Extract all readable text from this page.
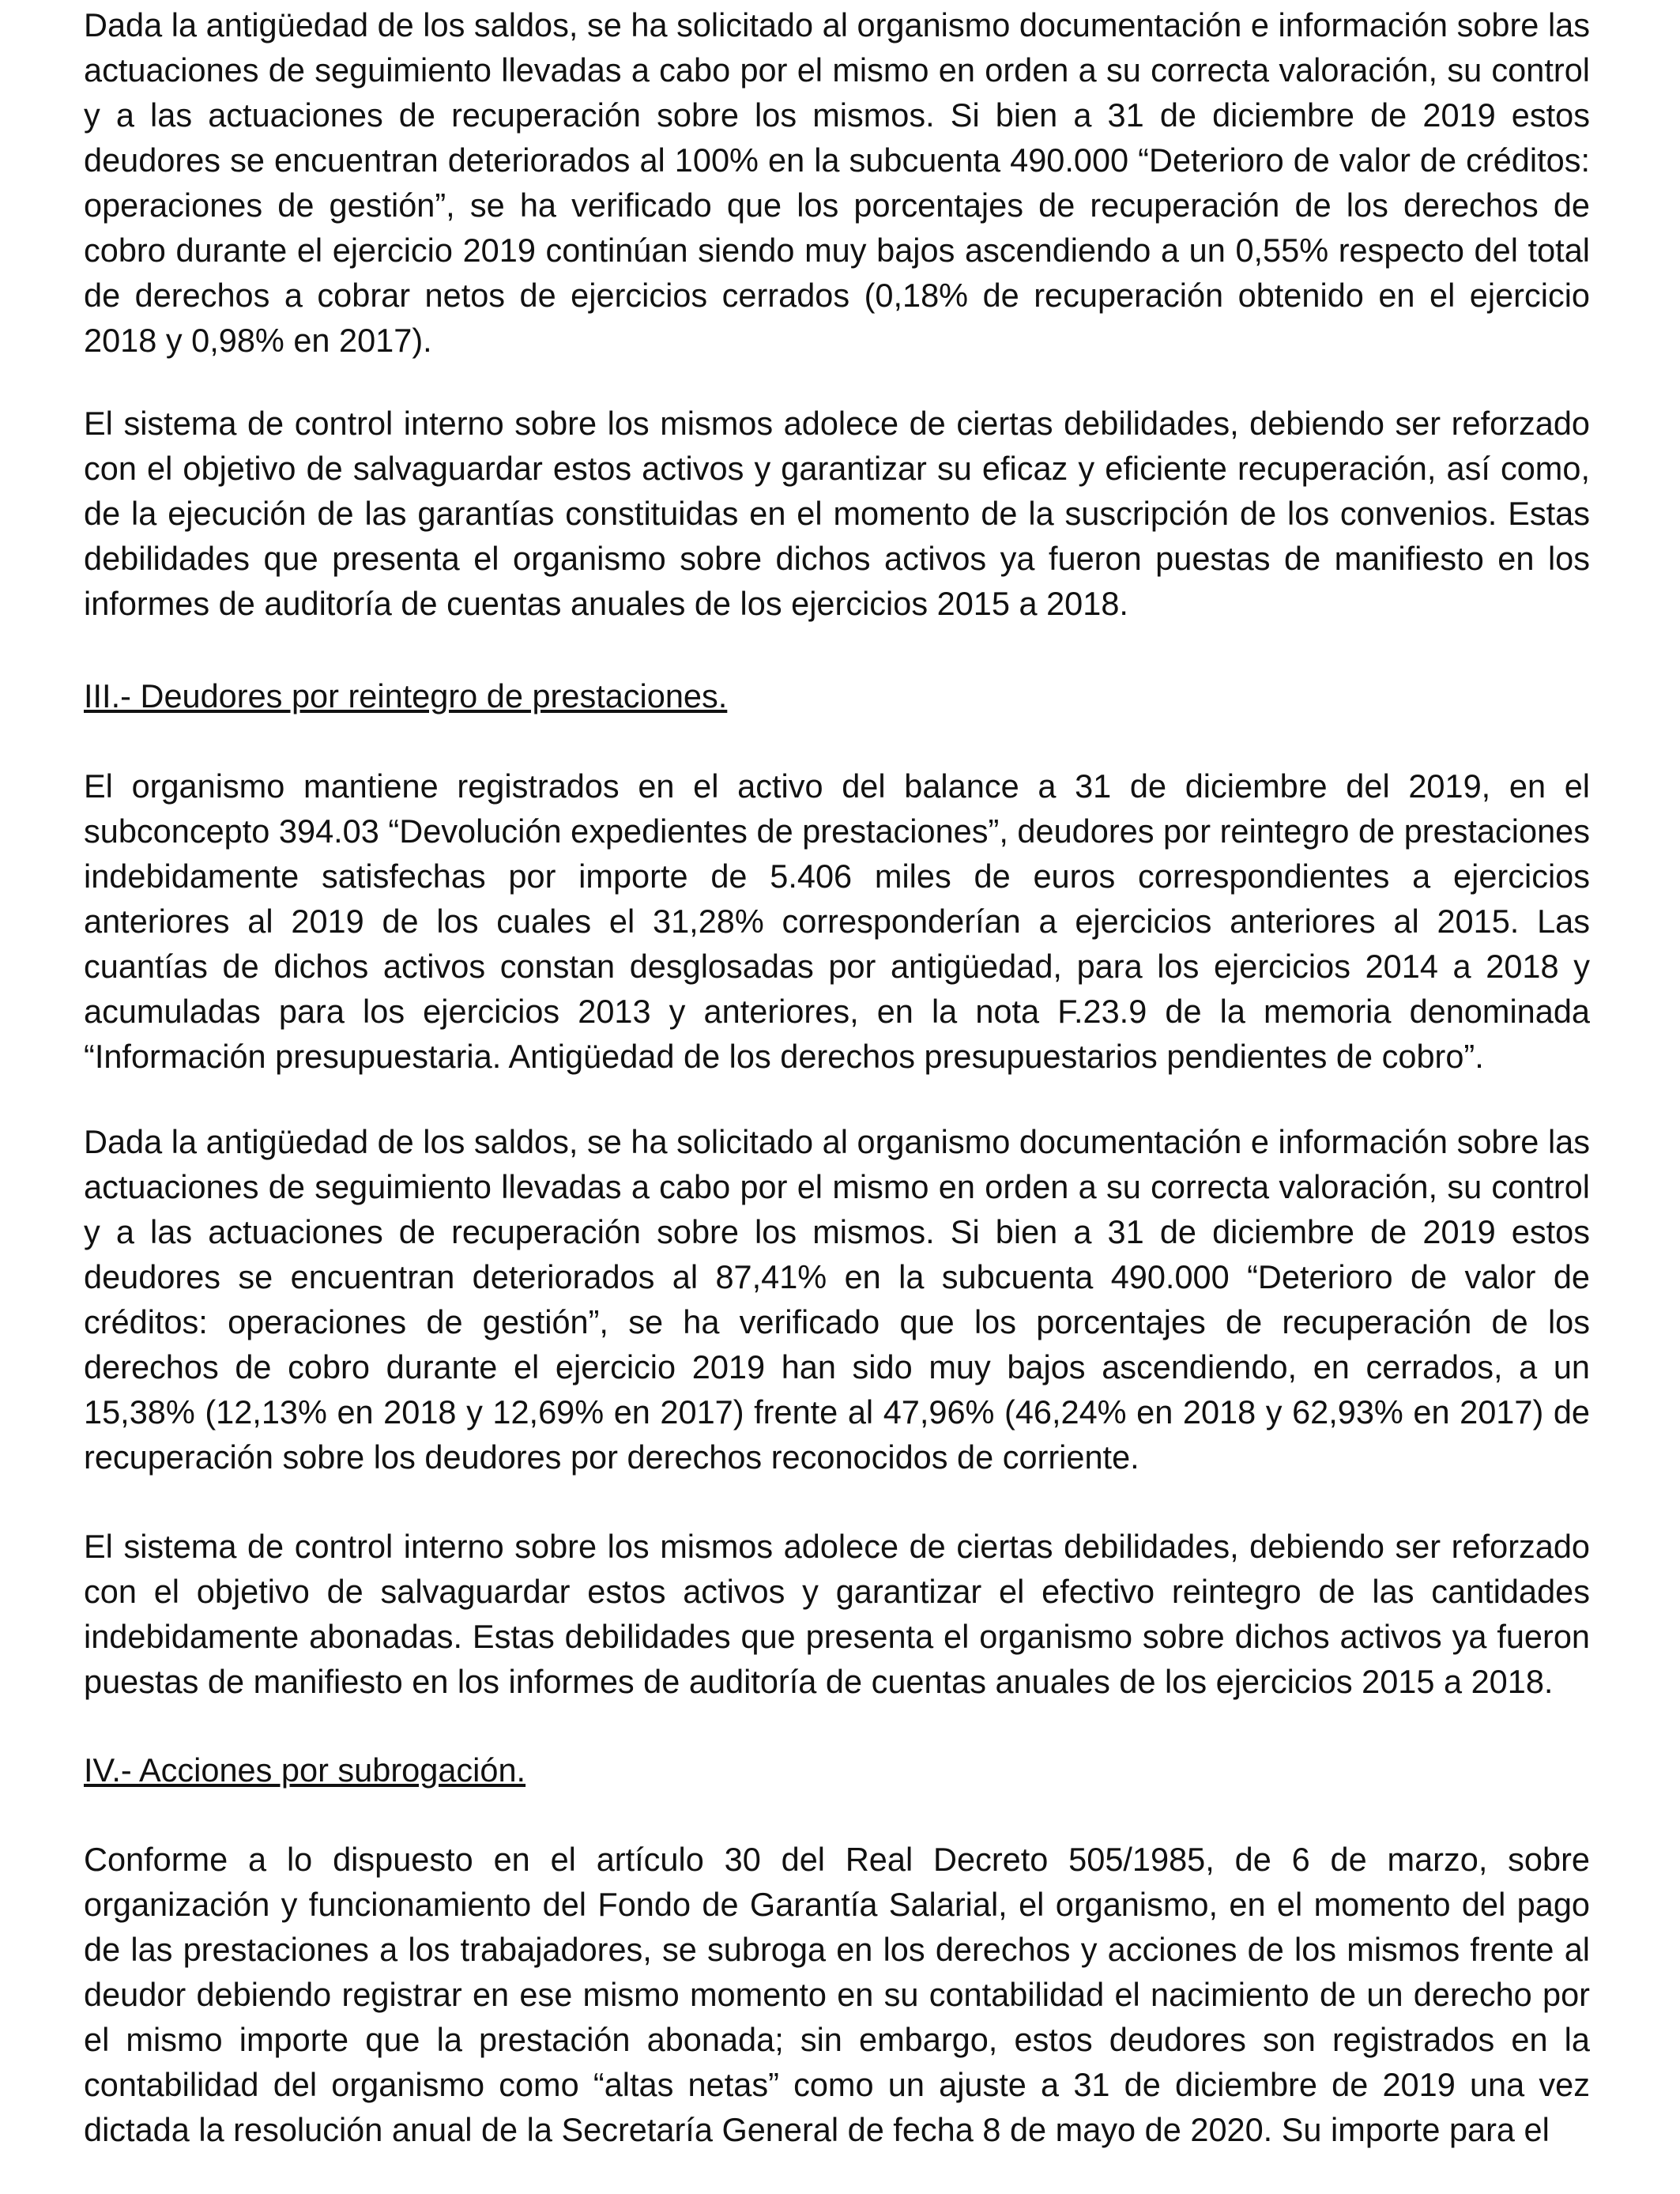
Dada la antigüedad de los saldos, se ha solicitado al organismo documentación e información sobre las actuaciones de seguimiento llevadas a cabo por el mismo en orden a su correcta valoración, su control y a las actuaciones de recuperación sobre los mismos. Si bien a 31 de diciembre de 2019 estos deudores se encuentran deteriorados al 100% en la subcuenta 490.000 “Deterioro de valor de créditos: operaciones de gestión”, se ha verificado que los porcentajes de recuperación de los derechos de cobro durante el ejercicio 2019 continúan siendo muy bajos ascendiendo a un 0,55% respecto del total de derechos a cobrar netos de ejercicios cerrados (0,18% de recuperación obtenido en el ejercicio 2018 y 0,98% en 2017).

El sistema de control interno sobre los mismos adolece de ciertas debilidades, debiendo ser reforzado con el objetivo de salvaguardar estos activos y garantizar su eficaz y eficiente recuperación, así como, de la ejecución de las garantías constituidas en el momento de la suscripción de los convenios. Estas debilidades que presenta el organismo sobre dichos activos ya fueron puestas de manifiesto en los informes de auditoría de cuentas anuales de los ejercicios 2015 a 2018.

III.- Deudores por reintegro de prestaciones.

El organismo mantiene registrados en el activo del balance a 31 de diciembre del 2019, en el subconcepto 394.03 “Devolución expedientes de prestaciones”, deudores por reintegro de prestaciones indebidamente satisfechas por importe de 5.406 miles de euros correspondientes a ejercicios anteriores al 2019 de los cuales el 31,28% corresponderían a ejercicios anteriores al 2015. Las cuantías de dichos activos constan desglosadas por antigüedad, para los ejercicios 2014 a 2018 y acumuladas para los ejercicios 2013 y anteriores, en la nota F.23.9 de la memoria denominada “Información presupuestaria. Antigüedad de los derechos presupuestarios pendientes de cobro”.

Dada la antigüedad de los saldos, se ha solicitado al organismo documentación e información sobre las actuaciones de seguimiento llevadas a cabo por el mismo en orden a su correcta valoración, su control y a las actuaciones de recuperación sobre los mismos. Si bien a 31 de diciembre de 2019 estos deudores se encuentran deteriorados al 87,41% en la subcuenta 490.000 “Deterioro de valor de créditos: operaciones de gestión”, se ha verificado que los porcentajes de recuperación de los derechos de cobro durante el ejercicio 2019 han sido muy bajos ascendiendo, en cerrados, a un 15,38% (12,13% en 2018 y 12,69% en 2017) frente al 47,96% (46,24% en 2018 y 62,93% en 2017) de recuperación sobre los deudores por derechos reconocidos de corriente.

El sistema de control interno sobre los mismos adolece de ciertas debilidades, debiendo ser reforzado con el objetivo de salvaguardar estos activos y garantizar el efectivo reintegro de las cantidades indebidamente abonadas. Estas debilidades que presenta el organismo sobre dichos activos ya fueron puestas de manifiesto en los informes de auditoría de cuentas anuales de los ejercicios 2015 a 2018.

IV.- Acciones por subrogación.

Conforme a lo dispuesto en el artículo 30 del Real Decreto 505/1985, de 6 de marzo, sobre organización y funcionamiento del Fondo de Garantía Salarial, el organismo, en el momento del pago de las prestaciones a los trabajadores, se subroga en los derechos y acciones de los mismos frente al deudor debiendo registrar en ese mismo momento en su contabilidad el nacimiento de un derecho por el mismo importe que la prestación abonada; sin embargo, estos deudores son registrados en la contabilidad del organismo como “altas netas” como un ajuste a 31 de diciembre de 2019 una vez dictada la resolución anual de la Secretaría General de fecha 8 de mayo de 2020. Su importe para el
